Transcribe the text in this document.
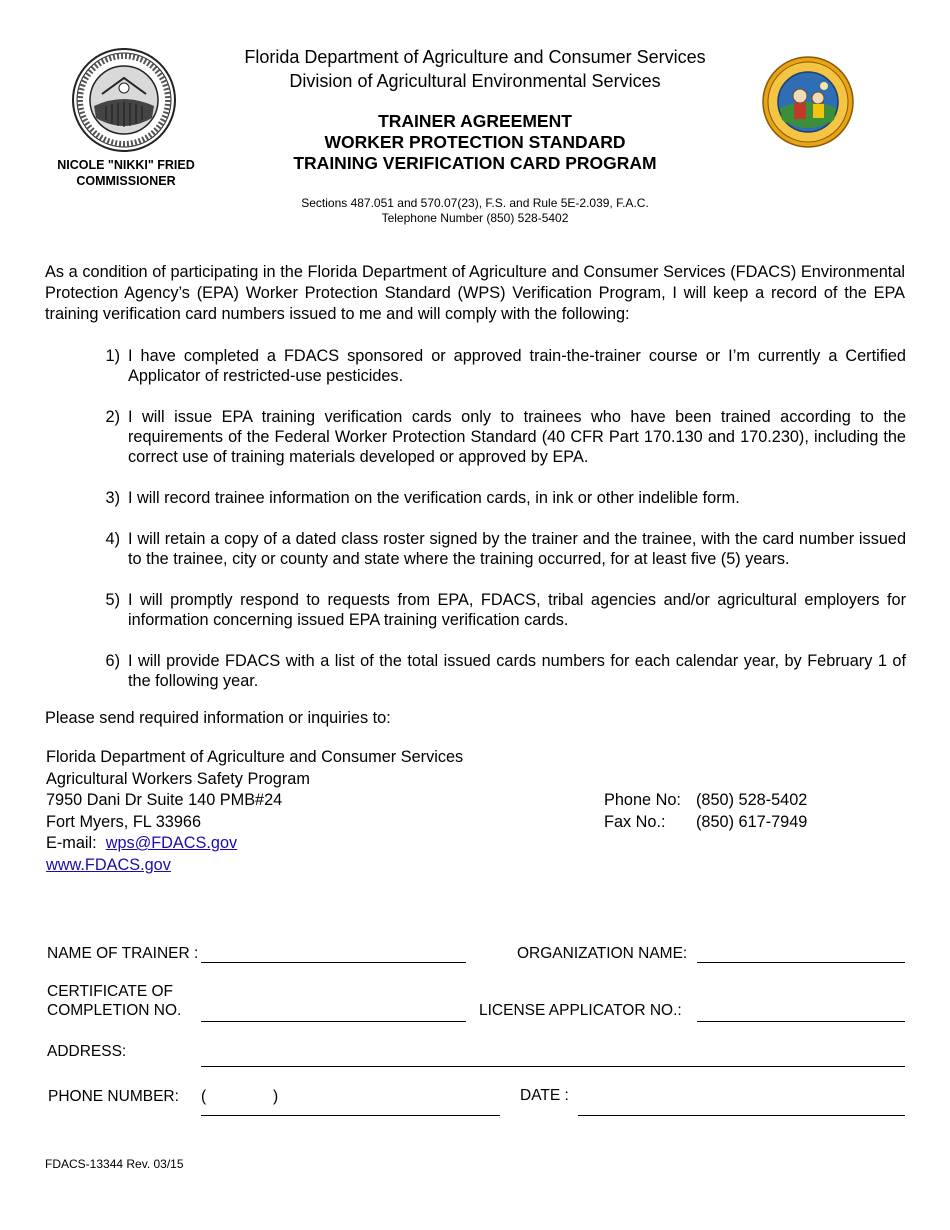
NICOLE "NIKKI" FRIED
COMMISSIONER
Florida Department of Agriculture and Consumer Services
Division of Agricultural Environmental Services
TRAINER AGREEMENT
WORKER PROTECTION STANDARD
TRAINING VERIFICATION CARD PROGRAM
Sections 487.051 and 570.07(23), F.S. and Rule 5E-2.039, F.A.C.
Telephone Number (850) 528-5402
As a condition of participating in the Florida Department of Agriculture and Consumer Services (FDACS) Environmental Protection Agency’s (EPA) Worker Protection Standard (WPS) Verification Program, I will keep a record of the EPA training verification card numbers issued to me and will comply with the following:
1) I have completed a FDACS sponsored or approved train-the-trainer course or I’m currently a Certified Applicator of restricted-use pesticides.
2) I will issue EPA training verification cards only to trainees who have been trained according to the requirements of the Federal Worker Protection Standard (40 CFR Part 170.130 and 170.230), including the correct use of training materials developed or approved by EPA.
3) I will record trainee information on the verification cards, in ink or other indelible form.
4) I will retain a copy of a dated class roster signed by the trainer and the trainee, with the card number issued to the trainee, city or county and state where the training occurred, for at least five (5) years.
5) I will promptly respond to requests from EPA, FDACS, tribal agencies and/or agricultural employers for information concerning issued EPA training verification cards.
6) I will provide FDACS with a list of the total issued cards numbers for each calendar year, by February 1 of the following year.
Please send required information or inquiries to:
Florida Department of Agriculture and Consumer Services
Agricultural Workers Safety Program
7950 Dani Dr Suite 140 PMB#24
Fort Myers, FL 33966
E-mail: wps@FDACS.gov
www.FDACS.gov
Phone No: (850) 528-5402
Fax No.: (850) 617-7949
NAME OF TRAINER :	ORGANIZATION NAME:
CERTIFICATE OF
COMPLETION NO.	LICENSE APPLICATOR NO.:
ADDRESS:
PHONE NUMBER: (	)	DATE :
FDACS-13344 Rev. 03/15
